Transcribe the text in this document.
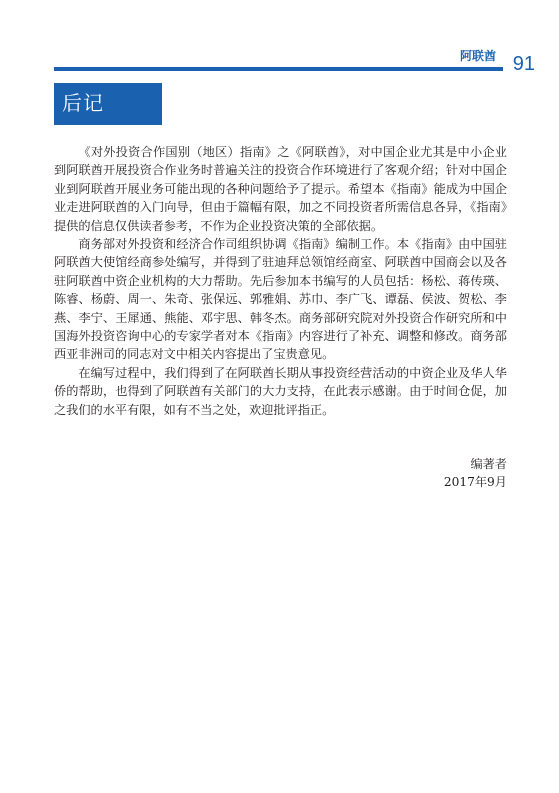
阿联酋 91
后记

《对外投资合作国别（地区）指南》之《阿联酋》，对中国企业尤其是中小企业到阿联酋开展投资合作业务时普遍关注的投资合作环境进行了客观介绍；针对中国企业到阿联酋开展业务可能出现的各种问题给予了提示。希望本《指南》能成为中国企业走进阿联酋的入门向导，但由于篇幅有限，加之不同投资者所需信息各异，《指南》提供的信息仅供读者参考，不作为企业投资决策的全部依据。

商务部对外投资和经济合作司组织协调《指南》编制工作。本《指南》由中国驻阿联酋大使馆经商参处编写，并得到了驻迪拜总领馆经商室、阿联酋中国商会以及各驻阿联酋中资企业机构的大力帮助。先后参加本书编写的人员包括：杨松、蒋传瑛、陈睿、杨蔚、周一、朱奇、张保远、郭雅娟、苏巾、李广飞、谭磊、侯波、贺松、李燕、李宁、王犀通、熊能、邓宇思、韩冬杰。商务部研究院对外投资合作研究所和中国海外投资咨询中心的专家学者对本《指南》内容进行了补充、调整和修改。商务部西亚非洲司的同志对文中相关内容提出了宝贵意见。

在编写过程中，我们得到了在阿联酋长期从事投资经营活动的中资企业及华人华侨的帮助，也得到了阿联酋有关部门的大力支持，在此表示感谢。由于时间仓促，加之我们的水平有限，如有不当之处，欢迎批评指正。

编著者
2017年9月
